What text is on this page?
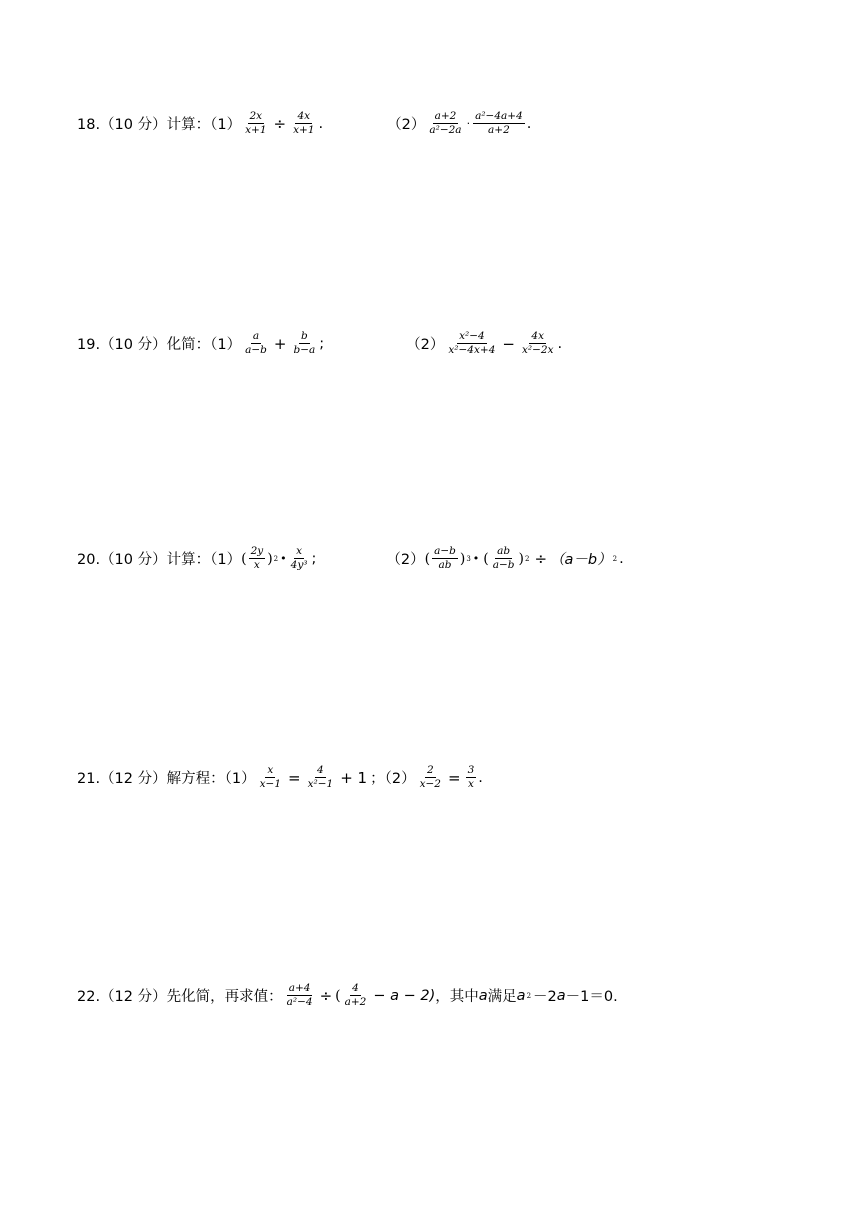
18.（10 分）计算：$(1) \frac{2x}{x+1} \div \frac{4x}{x+1}$ .	$(2) \frac{a+2}{\text{a²−2a}} \cdot \frac{\text{a²−4a+4}}{a+2}$ .
19.（10 分）化简：$(1) \frac{a}{a-b} + \frac{b}{b-a}$ ;	$(2) \frac{\text{x²−4}}{\text{x²−4x+4}} - \frac{4x}{\text{x²−2x}}$ .
20.（10 分）计算：（1） ( $\frac{2y}{x}$ ) 2 • $\frac{x}{\text{4y³}}$ ;	（2） ( $\frac{a-b}{ab}$ ) 3 • ( $\frac{ab}{a-b}$ ) 2 ÷ （a－b） 2 .
21.（12 分）解方程：$(1) \frac{x}{x-1} = \frac{4}{\text{x²−1}} + 1$ ；$(2) \frac{2}{x-2} = \frac{3}{x}$ .
22.（12 分）先化简，再求值： $\frac{a+4}{\text{a²−4}}$ ÷ ( $\frac{4}{a+2} - a - 2$) ，其中 a 满足 a 2 －2 a －1＝0.
